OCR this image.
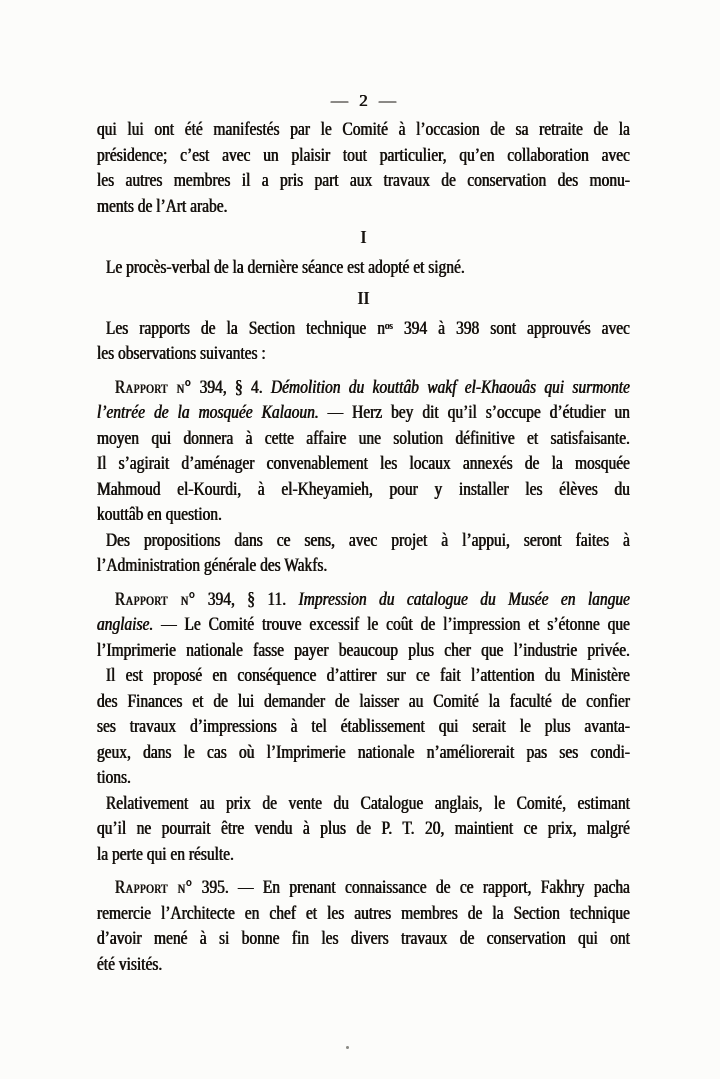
— 2 —
qui lui ont été manifestés par le Comité à l’occasion de sa retraite de la
présidence; c’est avec un plaisir tout particulier, qu’en collaboration avec
les autres membres il a pris part aux travaux de conservation des monu-
ments de l’Art arabe.
I
Le procès-verbal de la dernière séance est adopté et signé.
II
Les rapports de la Section technique $n^{os}$ 394 à 398 sont approuvés avec
les observations suivantes :
Rapport n° 394, § 4. Démolition du kouttâb wakf el-Khaouâs qui surmonte
l’entrée de la mosquée Kalaoun. — Herz bey dit qu’il s’occupe d’étudier un
moyen qui donnera à cette affaire une solution définitive et satisfaisante.
Il s’agirait d’aménager convenablement les locaux annexés de la mosquée
Mahmoud el-Kourdi, à el-Kheyamieh, pour y installer les élèves du
kouttâb en question.
Des propositions dans ce sens, avec projet à l’appui, seront faites à
l’Administration générale des Wakfs.
Rapport n° 394, § 11. Impression du catalogue du Musée en langue
anglaise. — Le Comité trouve excessif le coût de l’impression et s’étonne que
l’Imprimerie nationale fasse payer beaucoup plus cher que l’industrie privée.
Il est proposé en conséquence d’attirer sur ce fait l’attention du Ministère
des Finances et de lui demander de laisser au Comité la faculté de confier
ses travaux d’impressions à tel établissement qui serait le plus avanta-
geux, dans le cas où l’Imprimerie nationale n’améliorerait pas ses condi-
tions.
Relativement au prix de vente du Catalogue anglais, le Comité, estimant
qu’il ne pourrait être vendu à plus de P. T. 20, maintient ce prix, malgré
la perte qui en résulte.
Rapport n° 395. — En prenant connaissance de ce rapport, Fakhry pacha
remercie l’Architecte en chef et les autres membres de la Section technique
d’avoir mené à si bonne fin les divers travaux de conservation qui ont
été visités.
